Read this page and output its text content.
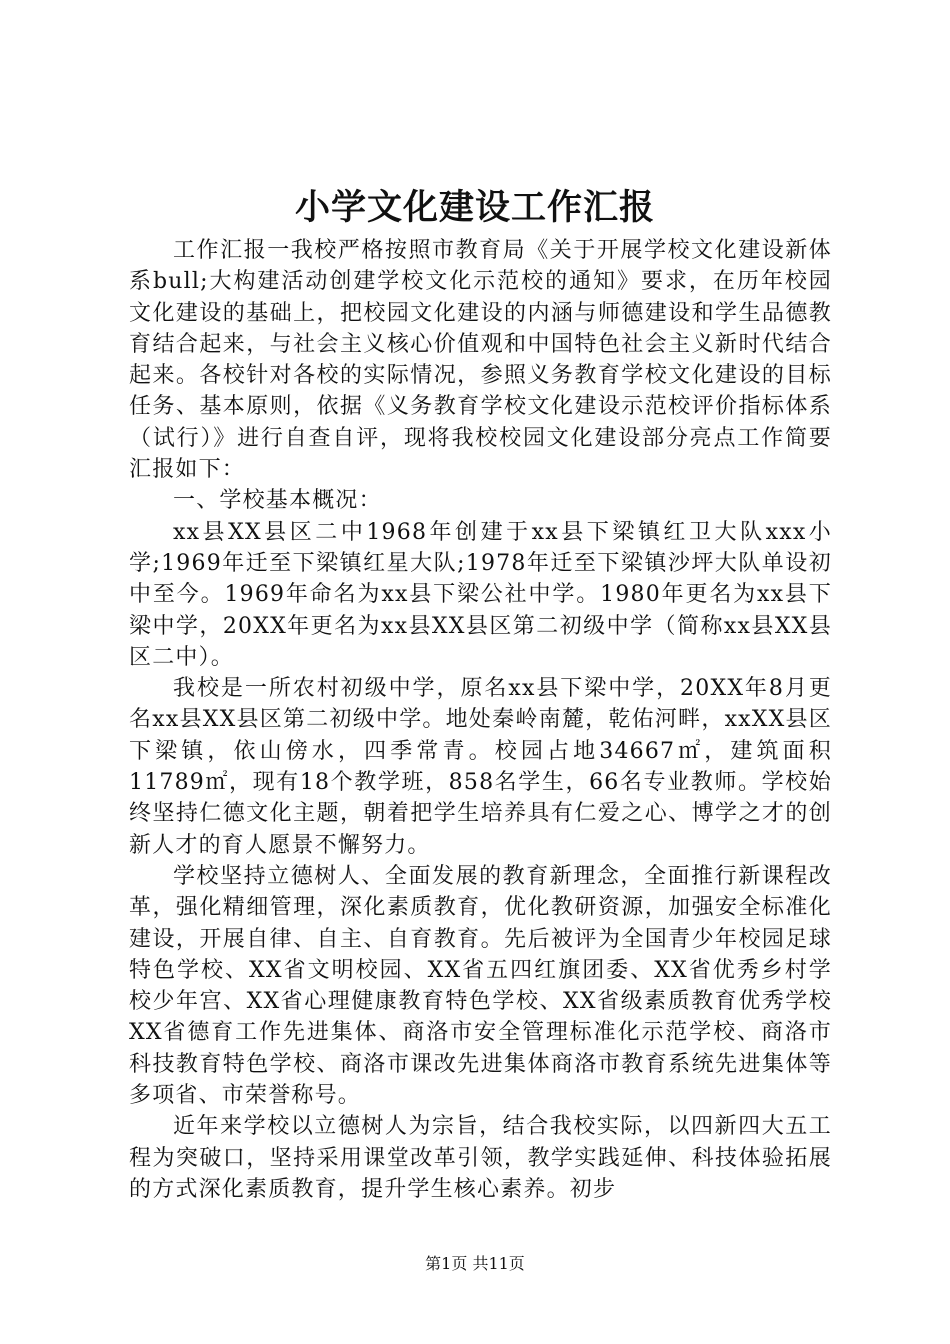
小学文化建设工作汇报

工作汇报一我校严格按照市教育局《关于开展学校文化建设新体系bull;大构建活动创建学校文化示范校的通知》要求，在历年校园文化建设的基础上，把校园文化建设的内涵与师德建设和学生品德教育结合起来，与社会主义核心价值观和中国特色社会主义新时代结合起来。各校针对各校的实际情况，参照义务教育学校文化建设的目标任务、基本原则，依据《义务教育学校文化建设示范校评价指标体系（试行）》进行自查自评，现将我校校园文化建设部分亮点工作简要汇报如下：

一、学校基本概况：

xx县XX县区二中1968年创建于xx县下梁镇红卫大队xxx小学;1969年迁至下梁镇红星大队;1978年迁至下梁镇沙坪大队单设初中至今。1969年命名为xx县下梁公社中学。1980年更名为xx县下梁中学，20XX年更名为xx县XX县区第二初级中学（简称xx县XX县区二中）。

我校是一所农村初级中学，原名xx县下梁中学，20XX年8月更名xx县XX县区第二初级中学。地处秦岭南麓，乾佑河畔，xxXX县区下梁镇，依山傍水，四季常青。校园占地34667㎡，建筑面积11789㎡，现有18个教学班，858名学生，66名专业教师。学校始终坚持仁德文化主题，朝着把学生培养具有仁爱之心、博学之才的创新人才的育人愿景不懈努力。

学校坚持立德树人、全面发展的教育新理念，全面推行新课程改革，强化精细管理，深化素质教育，优化教研资源，加强安全标准化建设，开展自律、自主、自育教育。先后被评为全国青少年校园足球特色学校、XX省文明校园、XX省五四红旗团委、XX省优秀乡村学校少年宫、XX省心理健康教育特色学校、XX省级素质教育优秀学校XX省德育工作先进集体、商洛市安全管理标准化示范学校、商洛市科技教育特色学校、商洛市课改先进集体商洛市教育系统先进集体等多项省、市荣誉称号。

近年来学校以立德树人为宗旨，结合我校实际，以四新四大五工程为突破口，坚持采用课堂改革引领，教学实践延伸、科技体验拓展的方式深化素质教育，提升学生核心素养。初步

第1页 共11页
